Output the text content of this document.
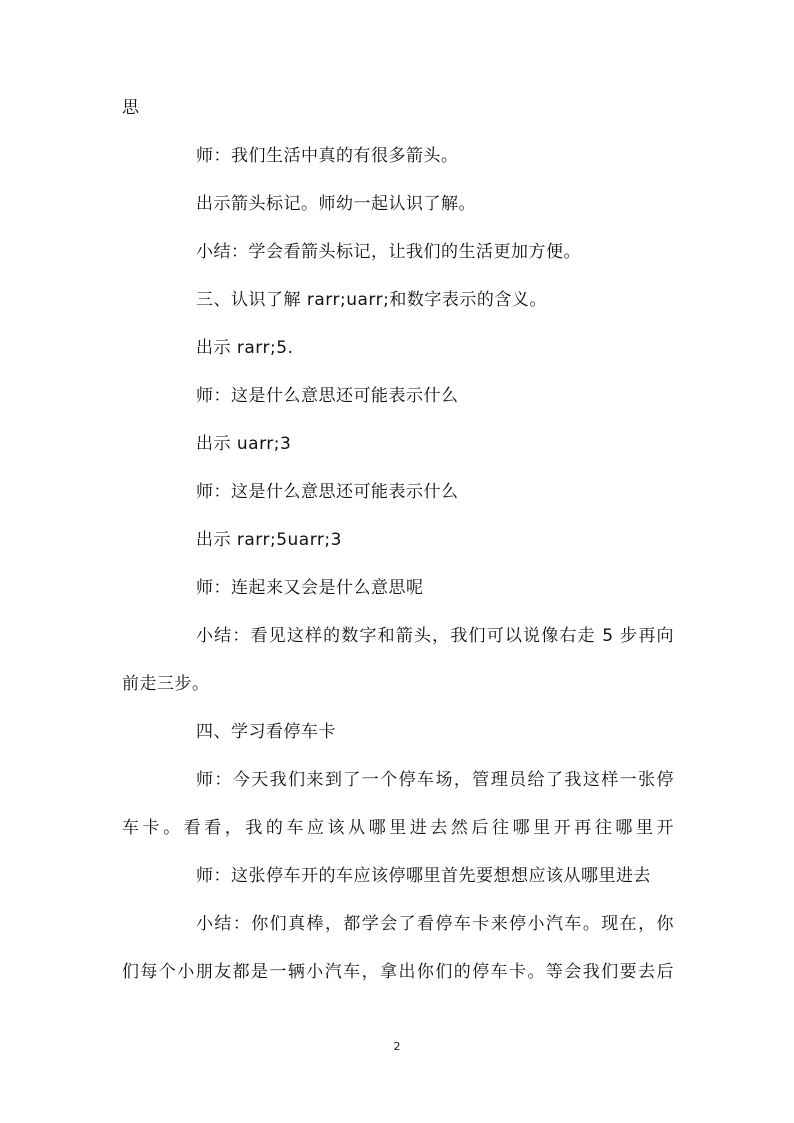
思
师：我们生活中真的有很多箭头。
出示箭头标记。师幼一起认识了解。
小结：学会看箭头标记，让我们的生活更加方便。
三、认识了解 rarr;uarr;和数字表示的含义。
出示 rarr;5.
师：这是什么意思还可能表示什么
出示 uarr;3
师：这是什么意思还可能表示什么
出示 rarr;5uarr;3
师：连起来又会是什么意思呢
小结：看见这样的数字和箭头，我们可以说像右走 5 步再向
前走三步。
四、学习看停车卡
师：今天我们来到了一个停车场，管理员给了我这样一张停
车卡。看看，我的车应该从哪里进去然后往哪里开再往哪里开
师：这张停车开的车应该停哪里首先要想想应该从哪里进去
小结：你们真棒，都学会了看停车卡来停小汽车。现在，你
们每个小朋友都是一辆小汽车，拿出你们的停车卡。等会我们要去后
2
